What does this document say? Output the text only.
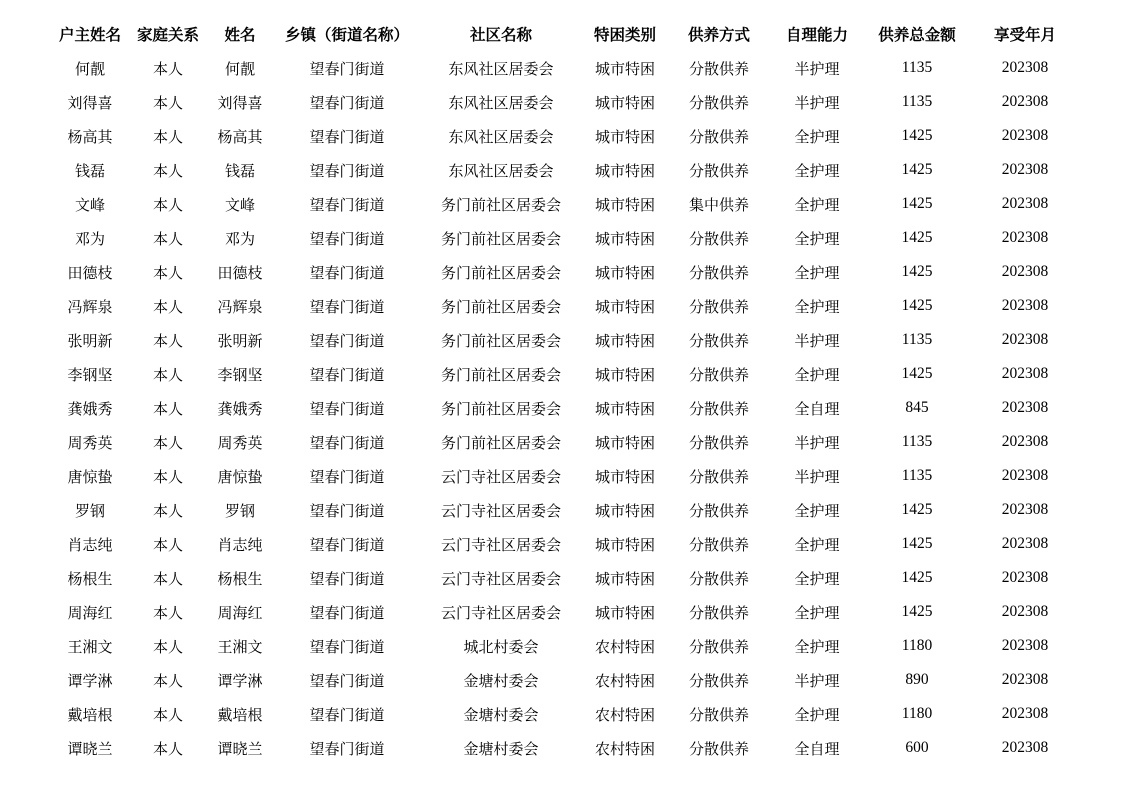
户主姓名	家庭关系	姓名	乡镇（街道名称）	社区名称	特困类别	供养方式	自理能力	供养总金额	享受年月
何靓	本人	何靓	望春门街道	东风社区居委会	城市特困	分散供养	半护理	1135	202308
刘得喜	本人	刘得喜	望春门街道	东风社区居委会	城市特困	分散供养	半护理	1135	202308
杨高其	本人	杨高其	望春门街道	东风社区居委会	城市特困	分散供养	全护理	1425	202308
钱磊	本人	钱磊	望春门街道	东风社区居委会	城市特困	分散供养	全护理	1425	202308
文峰	本人	文峰	望春门街道	务门前社区居委会	城市特困	集中供养	全护理	1425	202308
邓为	本人	邓为	望春门街道	务门前社区居委会	城市特困	分散供养	全护理	1425	202308
田德枝	本人	田德枝	望春门街道	务门前社区居委会	城市特困	分散供养	全护理	1425	202308
冯辉泉	本人	冯辉泉	望春门街道	务门前社区居委会	城市特困	分散供养	全护理	1425	202308
张明新	本人	张明新	望春门街道	务门前社区居委会	城市特困	分散供养	半护理	1135	202308
李钢坚	本人	李钢坚	望春门街道	务门前社区居委会	城市特困	分散供养	全护理	1425	202308
龚娥秀	本人	龚娥秀	望春门街道	务门前社区居委会	城市特困	分散供养	全自理	845	202308
周秀英	本人	周秀英	望春门街道	务门前社区居委会	城市特困	分散供养	半护理	1135	202308
唐惊蛰	本人	唐惊蛰	望春门街道	云门寺社区居委会	城市特困	分散供养	半护理	1135	202308
罗钢	本人	罗钢	望春门街道	云门寺社区居委会	城市特困	分散供养	全护理	1425	202308
肖志纯	本人	肖志纯	望春门街道	云门寺社区居委会	城市特困	分散供养	全护理	1425	202308
杨根生	本人	杨根生	望春门街道	云门寺社区居委会	城市特困	分散供养	全护理	1425	202308
周海红	本人	周海红	望春门街道	云门寺社区居委会	城市特困	分散供养	全护理	1425	202308
王湘文	本人	王湘文	望春门街道	城北村委会	农村特困	分散供养	全护理	1180	202308
谭学淋	本人	谭学淋	望春门街道	金塘村委会	农村特困	分散供养	半护理	890	202308
戴培根	本人	戴培根	望春门街道	金塘村委会	农村特困	分散供养	全护理	1180	202308
谭晓兰	本人	谭晓兰	望春门街道	金塘村委会	农村特困	分散供养	全自理	600	202308
